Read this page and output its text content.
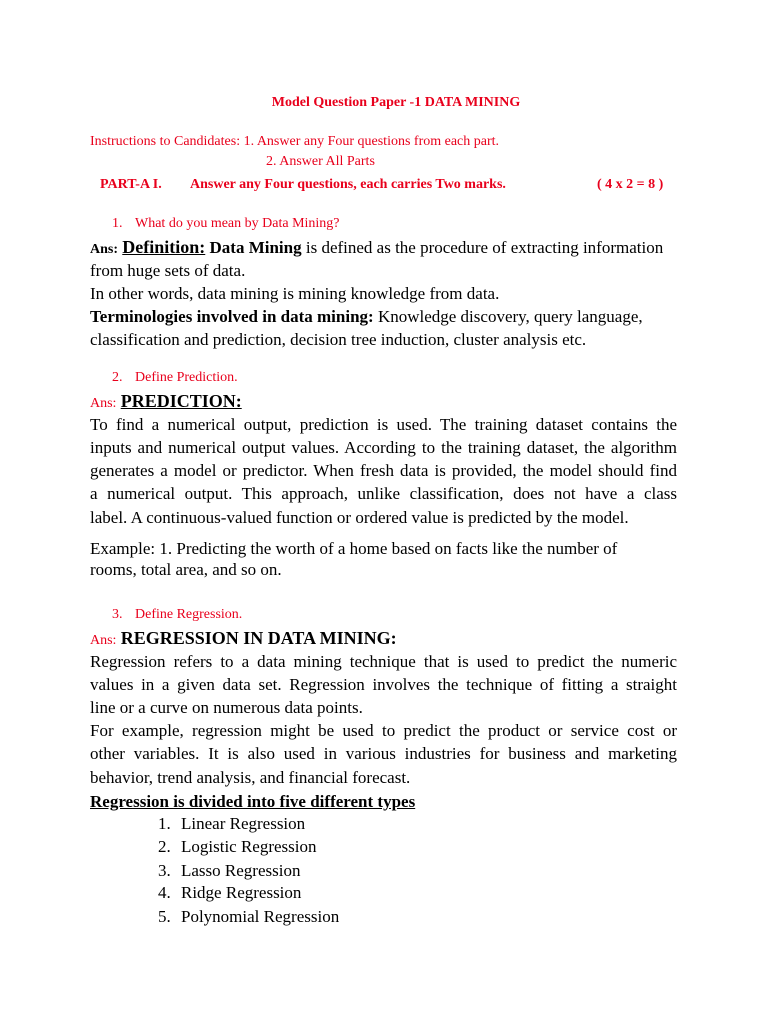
Model Question Paper -1 DATA MINING
Instructions to Candidates: 1. Answer any Four questions from each part.
2. Answer All Parts
PART-A I. Answer any Four questions, each carries Two marks.	( 4 x 2 = 8 )
1. What do you mean by Data Mining?
Ans: Definition: Data Mining is defined as the procedure of extracting information
from huge sets of data.
In other words, data mining is mining knowledge from data.
Terminologies involved in data mining: Knowledge discovery, query language,
classification and prediction, decision tree induction, cluster analysis etc.
2. Define Prediction.
Ans: PREDICTION:
To find a numerical output, prediction is used. The training dataset contains the
inputs and numerical output values. According to the training dataset, the algorithm
generates a model or predictor. When fresh data is provided, the model should find
a numerical output. This approach, unlike classification, does not have a class
label. A continuous-valued function or ordered value is predicted by the model.
Example: 1. Predicting the worth of a home based on facts like the number of
rooms, total area, and so on.
3. Define Regression.
Ans: REGRESSION IN DATA MINING:
Regression refers to a data mining technique that is used to predict the numeric
values in a given data set. Regression involves the technique of fitting a straight
line or a curve on numerous data points.
For example, regression might be used to predict the product or service cost or
other variables. It is also used in various industries for business and marketing
behavior, trend analysis, and financial forecast.
Regression is divided into five different types
1. Linear Regression
2. Logistic Regression
3. Lasso Regression
4. Ridge Regression
5. Polynomial Regression
